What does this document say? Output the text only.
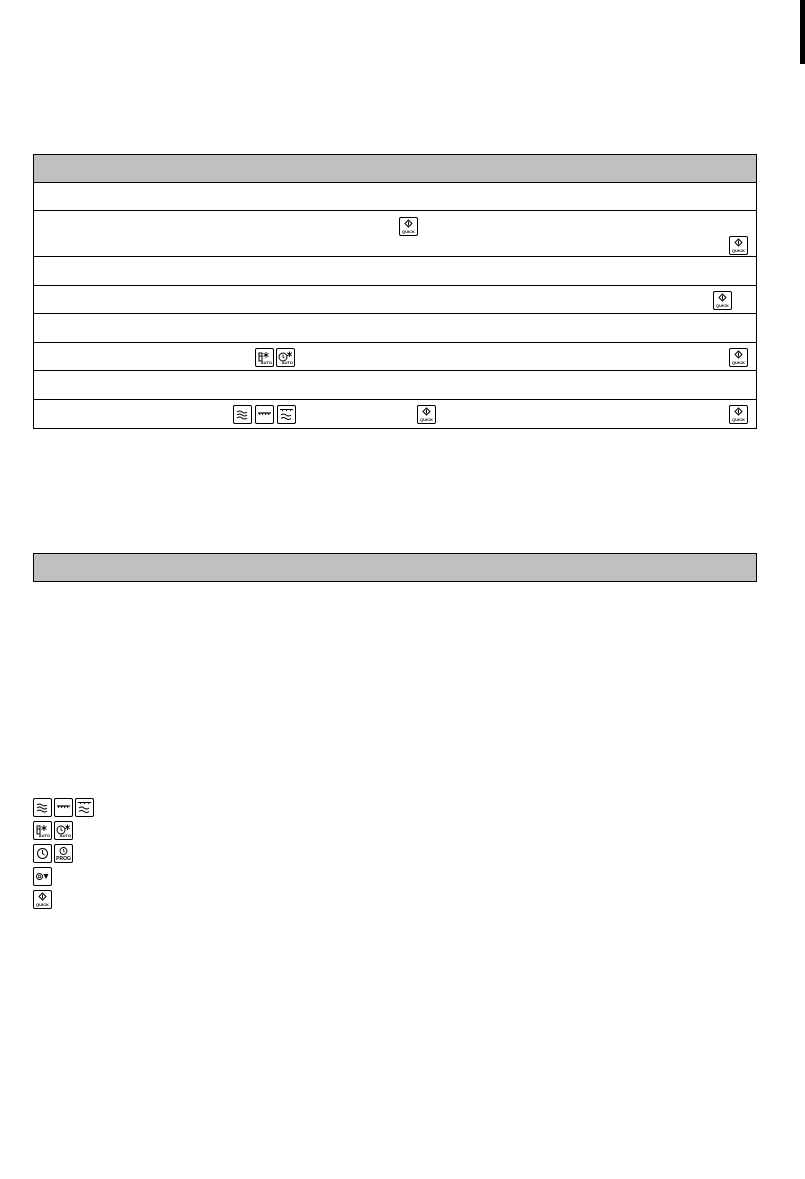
QUICK
QUICK
QUICK
AUTO	AUTO	QUICK
QUICK	QUICK
AUTO	AUTO
PROG
QUICK
